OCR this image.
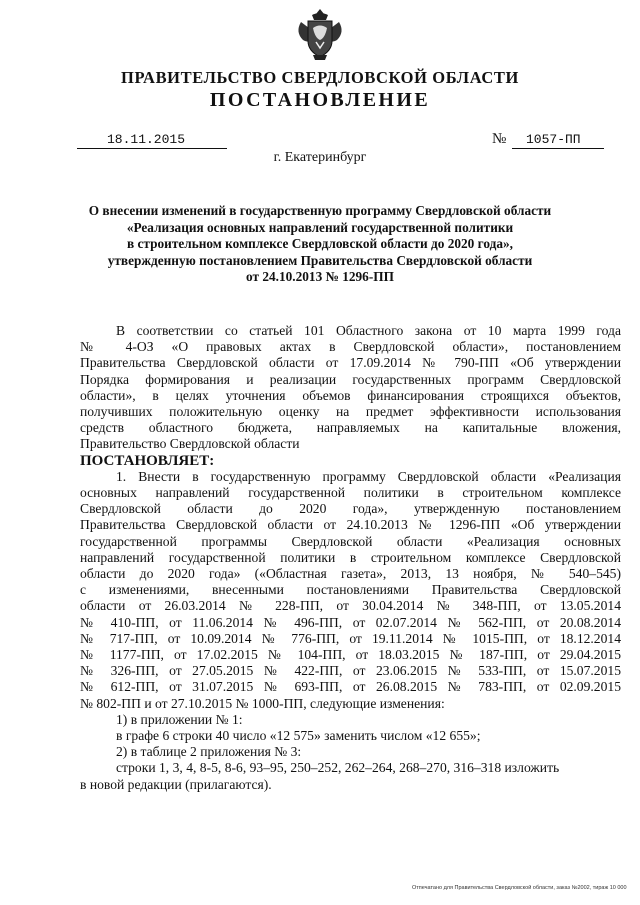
ПРАВИТЕЛЬСТВО СВЕРДЛОВСКОЙ ОБЛАСТИ
ПОСТАНОВЛЕНИЕ
18.11.2015	№	1057-ПП
г. Екатеринбург
О внесении изменений в государственную программу Свердловской области
«Реализация основных направлений государственной политики
в строительном комплексе Свердловской области до 2020 года»,
утвержденную постановлением Правительства Свердловской области
от 24.10.2013 № 1296-ПП
В соответствии со статьей 101 Областного закона от 10 марта 1999 года
№ 4-ОЗ «О правовых актах в Свердловской области», постановлением
Правительства Свердловской области от 17.09.2014 № 790-ПП «Об утверждении
Порядка формирования и реализации государственных программ Свердловской
области», в целях уточнения объемов финансирования строящихся объектов,
получивших положительную оценку на предмет эффективности использования
средств областного бюджета, направляемых на капитальные вложения,
Правительство Свердловской области
ПОСТАНОВЛЯЕТ:
1. Внести в государственную программу Свердловской области «Реализация
основных направлений государственной политики в строительном комплексе
Свердловской области до 2020 года», утвержденную постановлением
Правительства Свердловской области от 24.10.2013 № 1296-ПП «Об утверждении
государственной программы Свердловской области «Реализация основных
направлений государственной политики в строительном комплексе Свердловской
области до 2020 года» («Областная газета», 2013, 13 ноября, № 540–545)
с изменениями, внесенными постановлениями Правительства Свердловской
области от 26.03.2014 № 228-ПП, от 30.04.2014 № 348-ПП, от 13.05.2014
№ 410-ПП, от 11.06.2014 № 496-ПП, от 02.07.2014 № 562-ПП, от 20.08.2014
№ 717-ПП, от 10.09.2014 № 776-ПП, от 19.11.2014 № 1015-ПП, от 18.12.2014
№ 1177-ПП, от 17.02.2015 № 104-ПП, от 18.03.2015 № 187-ПП, от 29.04.2015
№ 326-ПП, от 27.05.2015 № 422-ПП, от 23.06.2015 № 533-ПП, от 15.07.2015
№ 612-ПП, от 31.07.2015 № 693-ПП, от 26.08.2015 № 783-ПП, от 02.09.2015
№ 802-ПП и от 27.10.2015 № 1000-ПП, следующие изменения:
1) в приложении № 1:
в графе 6 строки 40 число «12 575» заменить числом «12 655»;
2) в таблице 2 приложения № 3:
строки 1, 3, 4, 8-5, 8-6, 93–95, 250–252, 262–264, 268–270, 316–318 изложить
в новой редакции (прилагаются).
Отпечатано для Правительства Свердловской области, заказ №2002, тираж 10 000
